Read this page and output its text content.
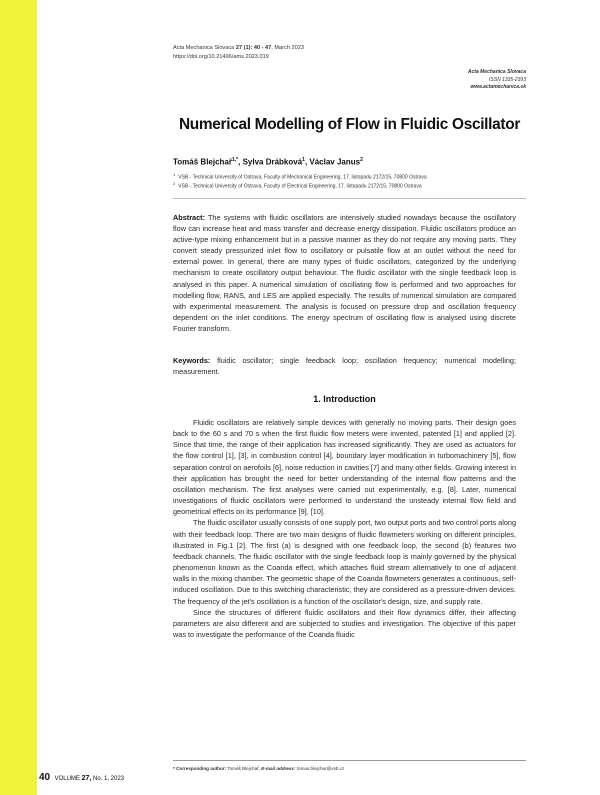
Acta Mechanica Slovaca 27 (1): 40 - 47, March 2023
https://doi.org/10.21496/ams.2023.019
Acta Mechanica Slovaca
ISSN 1335-2393
www.actamechanica.sk
Numerical Modelling of Flow in Fluidic Oscillator
Tomáš Blejchař$^{1,*}$, Sylva Drábková$^1$, Václav Janus$^2$
$^1$VSB - Technical University of Ostrava, Faculty of Mechanical Engineering, 17. listopadu 2172/15, 70800 Ostrava
$^2$VSB - Technical University of Ostrava, Faculty of Electrical Engineering, 17. listopadu 2172/15, 70800 Ostrava
Abstract: The systems with fluidic oscillators are intensively studied nowadays because the oscillatory flow can increase heat and mass transfer and decrease energy dissipation. Fluidic oscillators produce an active-type mixing enhancement but in a passive manner as they do not require any moving parts. They convert steady pressurized inlet flow to oscillatory or pulsatile flow at an outlet without the need for external power. In general, there are many types of fluidic oscillators, categorized by the underlying mechanism to create oscillatory output behaviour. The fluidic oscillator with the single feedback loop is analysed in this paper. A numerical simulation of oscillating flow is performed and two approaches for modelling flow, RANS, and LES are applied especially. The results of numerical simulation are compared with experimental measurement. The analysis is focused on pressure drop and oscillation frequency dependent on the inlet conditions. The energy spectrum of oscillating flow is analysed using discrete Fourier transform.
Keywords: fluidic oscillator; single feedback loop; oscillation frequency; numerical modelling; measurement.
1. Introduction

Fluidic oscillators are relatively simple devices with generally no moving parts. Their design goes back to the 60 s and 70 s when the first fluidic flow meters were invented, patented [1] and applied [2]. Since that time, the range of their application has increased significantly. They are used as actuators for the flow control [1], [3], in combustion control [4], boundary layer modification in turbomachinery [5], flow separation control on aerofoils [6], noise reduction in cavities [7] and many other fields. Growing interest in their application has brought the need for better understanding of the internal flow patterns and the oscillation mechanism. The first analyses were carried out experimentally, e.g. [8]. Later, numerical investigations of fluidic oscillators were performed to understand the unsteady internal flow field and geometrical effects on its performance [9], [10].

The fluidic oscillator usually consists of one supply port, two output ports and two control ports along with their feedback loop. There are two main designs of fluidic flowmeters working on different principles, illustrated in Fig.1 [2]. The first (a) is designed with one feedback loop, the second (b) features two feedback channels. The fluidic oscillator with the single feedback loop is mainly governed by the physical phenomenon known as the Coanda effect, which attaches fluid stream alternatively to one of adjacent walls in the mixing chamber. The geometric shape of the Coanda flowmeters generates a continuous, self-induced oscillation. Due to this switching characteristic, they are considered as a pressure-driven devices. The frequency of the jet's oscillation is a function of the oscillator's design, size, and supply rate.

Since the structures of different fluidic oscillators and their flow dynamics differ, their affecting parameters are also different and are subjected to studies and investigation. The objective of this paper was to investigate the performance of the Coanda fluidic

* Corresponding author: Tomáš Blejchař, E-mail address: tomas.blejchar@vsb.cz
40 VOLUME 27, No. 1, 2023
